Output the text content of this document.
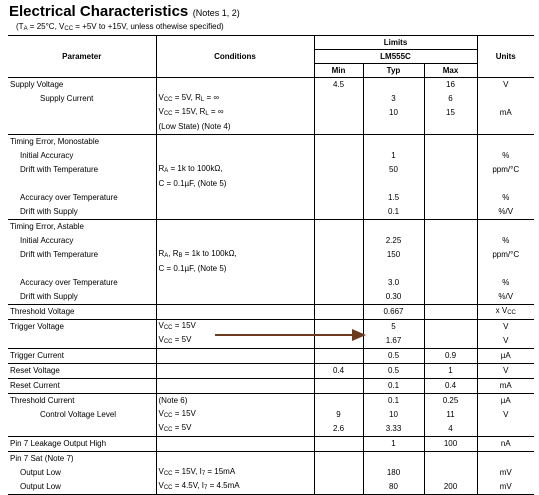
Electrical Characteristics (Notes 1, 2)
(TA = 25°C, VCC = +5V to +15V, unless othewise specified)
Parameter	Conditions	Limits			Units
		LM555C			
		Min	Typ	Max	
Supply Voltage		4.5		16	V
Supply Current	VCC = 5V, RL = ∞		3	6	
	VCC = 15V, RL = ∞		10	15	mA
	(Low State) (Note 4)				
Timing Error, Monostable					
Initial Accuracy			1		%
Drift with Temperature	RA = 1k to 100kΩ,		50		ppm/°C
	C = 0.1µF, (Note 5)				
Accuracy over Temperature			1.5		%
Drift with Supply			0.1		%/V
Timing Error, Astable					
Initial Accuracy			2.25		%
Drift with Temperature	RA, RB = 1k to 100kΩ,		150		ppm/°C
	C = 0.1µF, (Note 5)				
Accuracy over Temperature			3.0		%
Drift with Supply			0.30		%/V
Threshold Voltage			0.667		x VCC
Trigger Voltage	VCC = 15V		5		V
	VCC = 5V		1.67		V
Trigger Current			0.5	0.9	µA
Reset Voltage		0.4	0.5	1	V
Reset Current			0.1	0.4	mA
Threshold Current	(Note 6)		0.1	0.25	µA
Control Voltage Level	VCC = 15V	9	10	11	V
	VCC = 5V	2.6	3.33	4	
Pin 7 Leakage Output High			1	100	nA
Pin 7 Sat (Note 7)					
Output Low	VCC = 15V, I7 = 15mA		180		mV
Output Low	VCC = 4.5V, I7 = 4.5mA		80	200	mV
